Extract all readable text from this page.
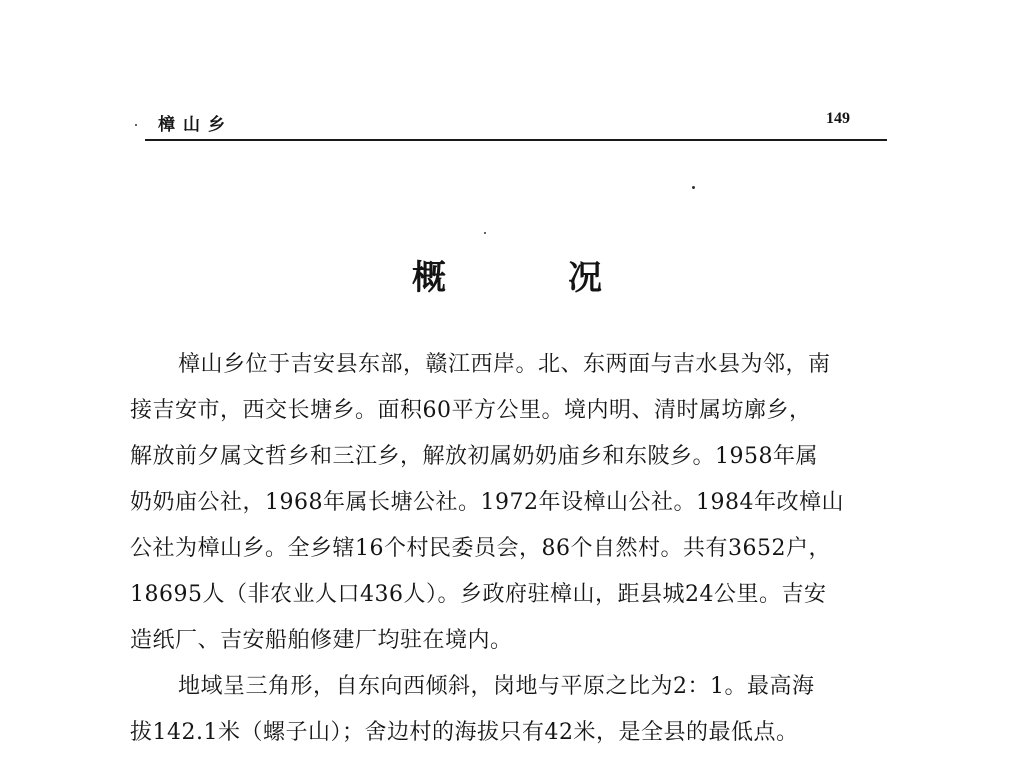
樟山乡	149
概	况
樟山乡位于吉安县东部，赣江西岸。北、东两面与吉水县为邻，南
接吉安市，西交长塘乡。面积60平方公里。境内明、清时属坊廓乡，
解放前夕属文哲乡和三江乡，解放初属奶奶庙乡和东陂乡。1958年属
奶奶庙公社，1968年属长塘公社。1972年设樟山公社。1984年改樟山
公社为樟山乡。全乡辖16个村民委员会，86个自然村。共有3652户，
18695人（非农业人口436人）。乡政府驻樟山，距县城24公里。吉安
造纸厂、吉安船舶修建厂均驻在境内。
地域呈三角形，自东向西倾斜，岗地与平原之比为2：1。最高海
拔142.1米（螺子山）；舍边村的海拔只有42米，是全县的最低点。
